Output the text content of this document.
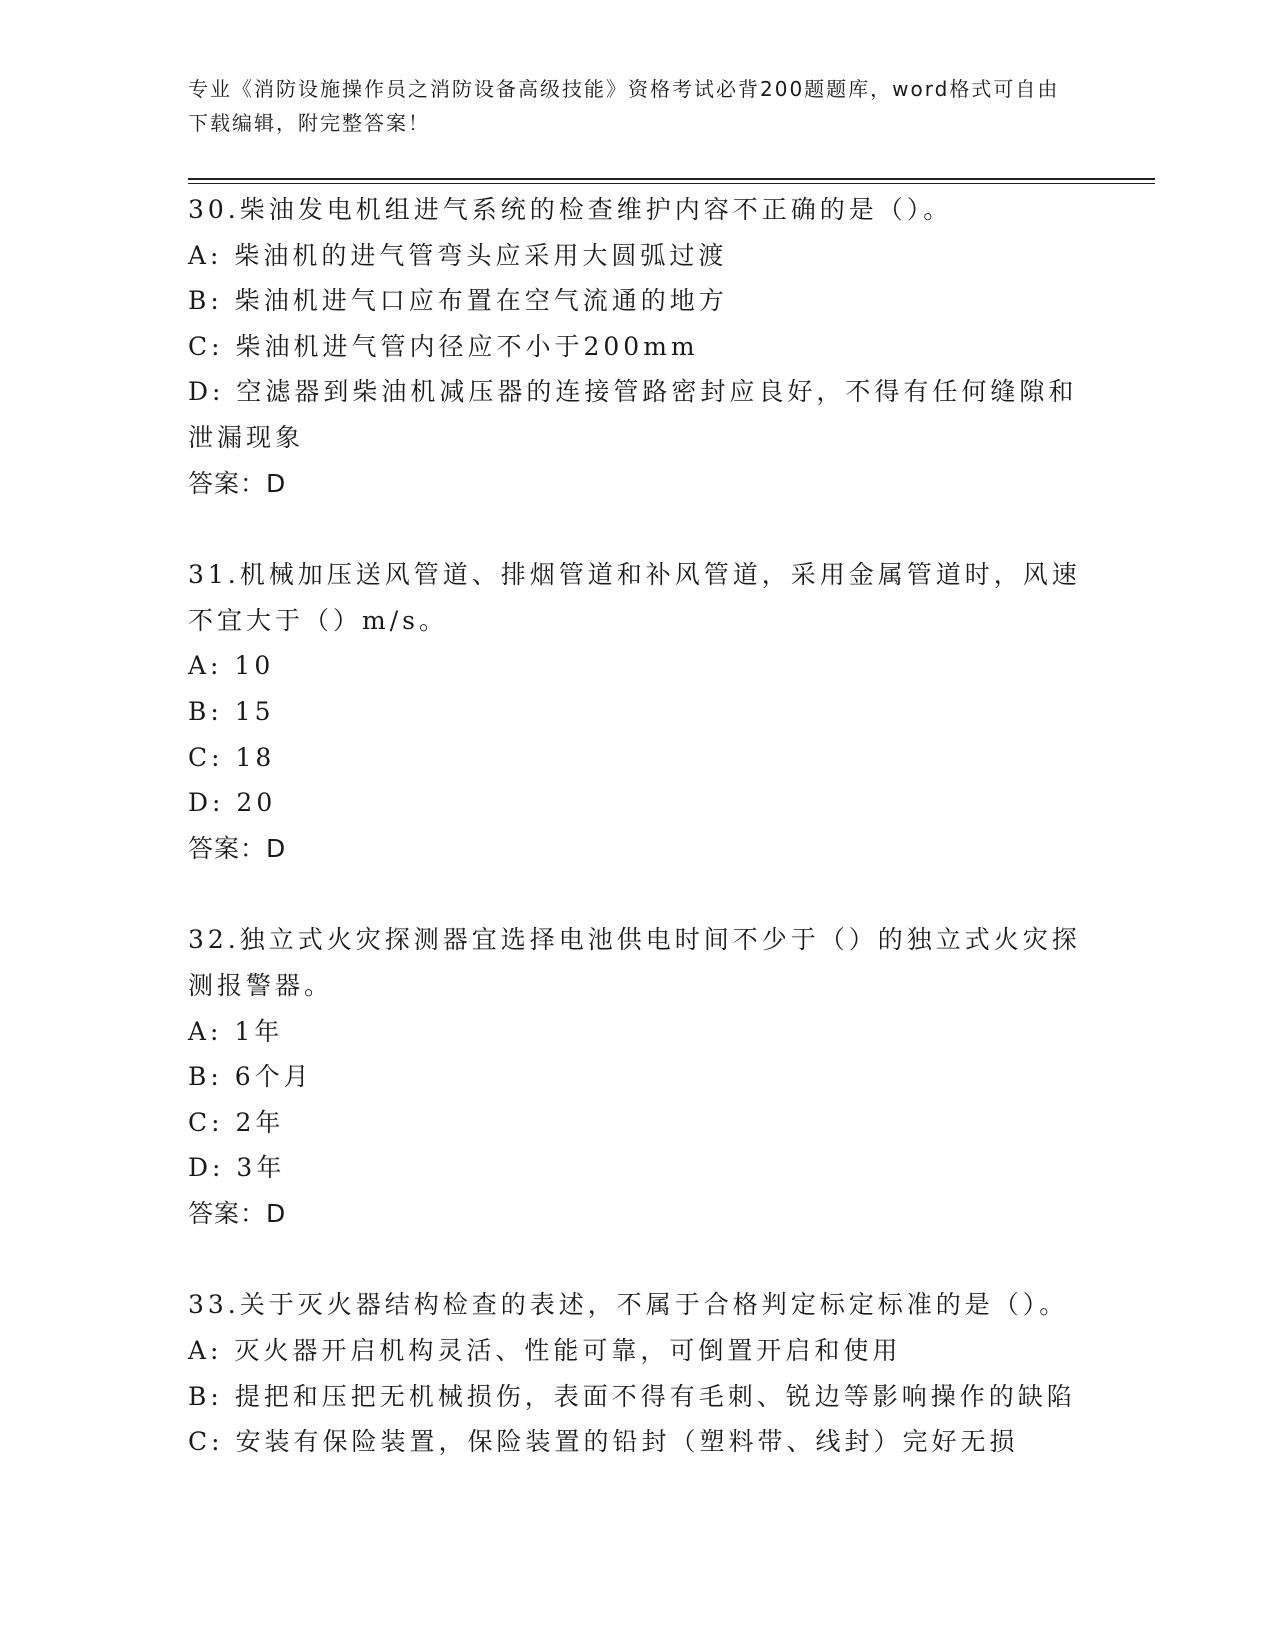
专业《消防设施操作员之消防设备高级技能》资格考试必背200题题库，word格式可自由下载编辑，附完整答案！
30.柴油发电机组进气系统的检查维护内容不正确的是（）。
A: 柴油机的进气管弯头应采用大圆弧过渡
B: 柴油机进气口应布置在空气流通的地方
C: 柴油机进气管内径应不小于200mm
D: 空滤器到柴油机减压器的连接管路密封应良好，不得有任何缝隙和泄漏现象
答案：D
31.机械加压送风管道、排烟管道和补风管道，采用金属管道时，风速不宜大于（）m/s。
A: 10
B: 15
C: 18
D: 20
答案：D
32.独立式火灾探测器宜选择电池供电时间不少于（）的独立式火灾探测报警器。
A: 1年
B: 6个月
C: 2年
D: 3年
答案：D
33.关于灭火器结构检查的表述，不属于合格判定标定标准的是（）。
A: 灭火器开启机构灵活、性能可靠，可倒置开启和使用
B: 提把和压把无机械损伤，表面不得有毛刺、锐边等影响操作的缺陷
C: 安装有保险装置，保险装置的铅封（塑料带、线封）完好无损
